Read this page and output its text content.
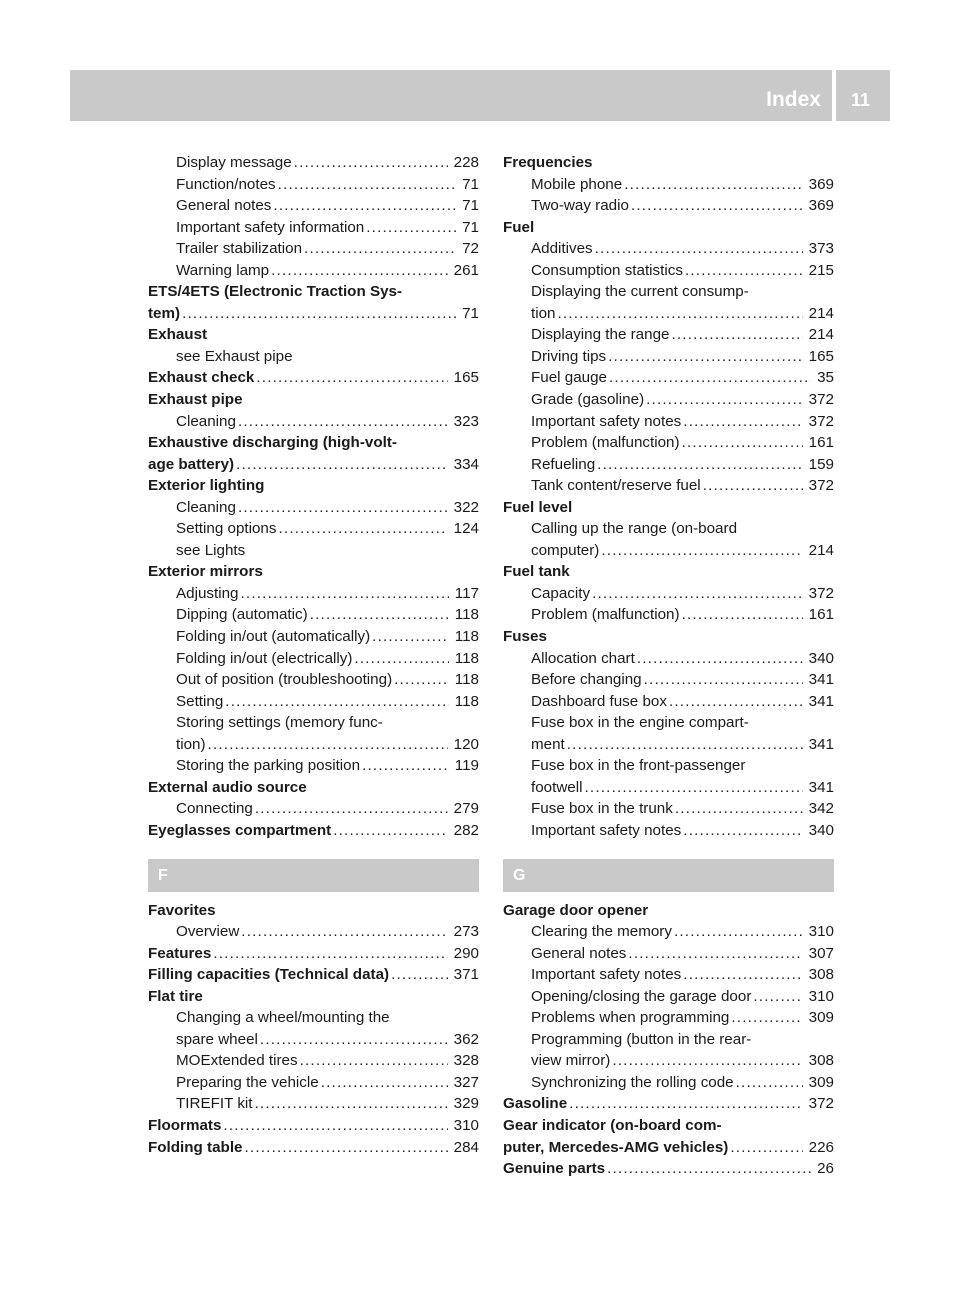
Index 11
Display message .....	228
Function/notes .....	71
General notes .....	71
Important safety information .....	71
Trailer stabilization .....	72
Warning lamp .....	261
ETS/4ETS (Electronic Traction Sys-
tem) .....	71
Exhaust
see Exhaust pipe
Exhaust check .....	165
Exhaust pipe
Cleaning .....	323
Exhaustive discharging (high-volt-
age battery) .....	334
Exterior lighting
Cleaning .....	322
Setting options .....	124
see Lights
Exterior mirrors
Adjusting .....	117
Dipping (automatic) .....	118
Folding in/out (automatically) .....	118
Folding in/out (electrically) .....	118
Out of position (troubleshooting) .....	118
Setting .....	118
Storing settings (memory func-
tion) .....	120
Storing the parking position .....	119
External audio source
Connecting .....	279
Eyeglasses compartment .....	282
F
Favorites
Overview .....	273
Features .....	290
Filling capacities (Technical data) .....	371
Flat tire
Changing a wheel/mounting the
spare wheel .....	362
MOExtended tires .....	328
Preparing the vehicle .....	327
TIREFIT kit .....	329
Floormats .....	310
Folding table .....	284
Frequencies
Mobile phone .....	369
Two-way radio .....	369
Fuel
Additives .....	373
Consumption statistics .....	215
Displaying the current consump-
tion .....	214
Displaying the range .....	214
Driving tips .....	165
Fuel gauge .....	35
Grade (gasoline) .....	372
Important safety notes .....	372
Problem (malfunction) .....	161
Refueling .....	159
Tank content/reserve fuel .....	372
Fuel level
Calling up the range (on-board
computer) .....	214
Fuel tank
Capacity .....	372
Problem (malfunction) .....	161
Fuses
Allocation chart .....	340
Before changing .....	341
Dashboard fuse box .....	341
Fuse box in the engine compart-
ment .....	341
Fuse box in the front-passenger
footwell .....	341
Fuse box in the trunk .....	342
Important safety notes .....	340
G
Garage door opener
Clearing the memory .....	310
General notes .....	307
Important safety notes .....	308
Opening/closing the garage door .....	310
Problems when programming .....	309
Programming (button in the rear-
view mirror) .....	308
Synchronizing the rolling code .....	309
Gasoline .....	372
Gear indicator (on-board com-
puter, Mercedes-AMG vehicles) .....	226
Genuine parts .....	26
